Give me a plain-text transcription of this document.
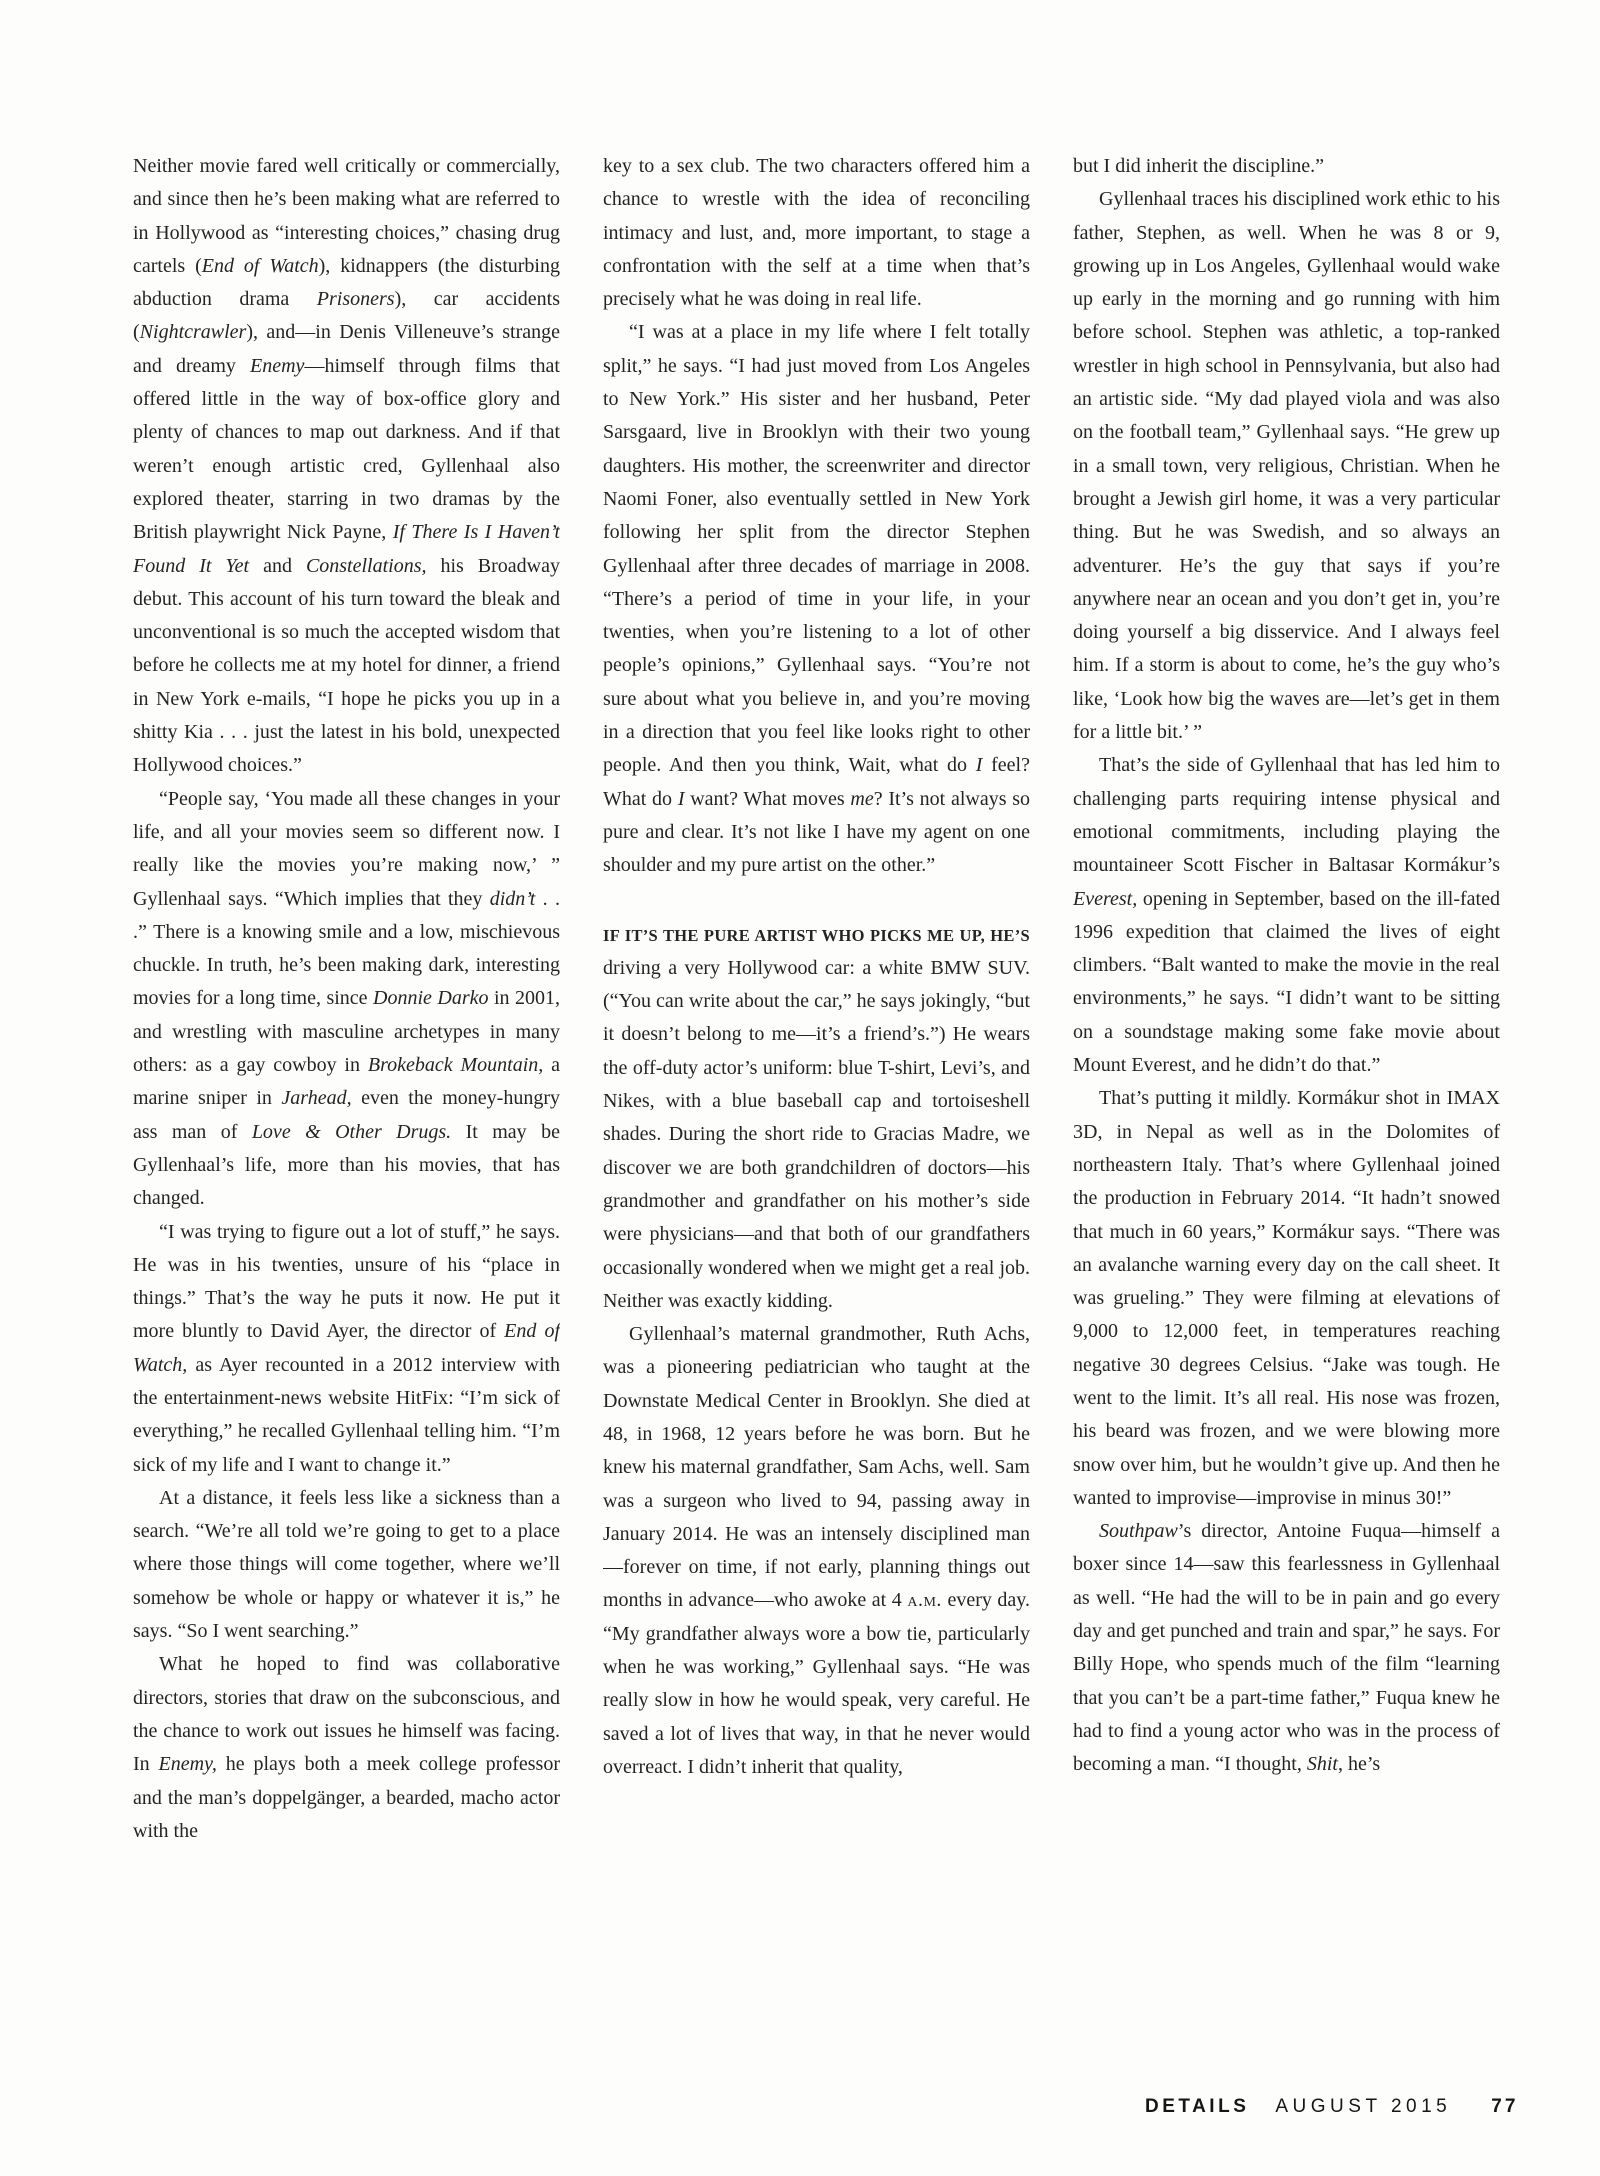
Neither movie fared well critically or commercially, and since then he’s been making what are referred to in Hollywood as “interesting choices,” chasing drug cartels (End of Watch), kidnappers (the disturbing abduction drama Prisoners), car accidents (Nightcrawler), and—in Denis Villeneuve’s strange and dreamy Enemy—himself through films that offered little in the way of box-office glory and plenty of chances to map out darkness. And if that weren’t enough artistic cred, Gyllenhaal also explored theater, starring in two dramas by the British playwright Nick Payne, If There Is I Haven’t Found It Yet and Constellations, his Broadway debut. This account of his turn toward the bleak and unconventional is so much the accepted wisdom that before he collects me at my hotel for dinner, a friend in New York e-mails, “I hope he picks you up in a shitty Kia . . . just the latest in his bold, unexpected Hollywood choices.”

“People say, ‘You made all these changes in your life, and all your movies seem so different now. I really like the movies you’re making now,’ ” Gyllenhaal says. “Which implies that they didn’t . . .” There is a knowing smile and a low, mischievous chuckle. In truth, he’s been making dark, interesting movies for a long time, since Donnie Darko in 2001, and wrestling with masculine archetypes in many others: as a gay cowboy in Brokeback Mountain, a marine sniper in Jarhead, even the money-hungry ass man of Love & Other Drugs. It may be Gyllenhaal’s life, more than his movies, that has changed.

“I was trying to figure out a lot of stuff,” he says. He was in his twenties, unsure of his “place in things.” That’s the way he puts it now. He put it more bluntly to David Ayer, the director of End of Watch, as Ayer recounted in a 2012 interview with the entertainment-news website HitFix: “I’m sick of everything,” he recalled Gyllenhaal telling him. “I’m sick of my life and I want to change it.”

At a distance, it feels less like a sickness than a search. “We’re all told we’re going to get to a place where those things will come together, where we’ll somehow be whole or happy or whatever it is,” he says. “So I went searching.”

What he hoped to find was collaborative directors, stories that draw on the subconscious, and the chance to work out issues he himself was facing. In Enemy, he plays both a meek college professor and the man’s doppelgänger, a bearded, macho actor with the

key to a sex club. The two characters offered him a chance to wrestle with the idea of reconciling intimacy and lust, and, more important, to stage a confrontation with the self at a time when that’s precisely what he was doing in real life.

“I was at a place in my life where I felt totally split,” he says. “I had just moved from Los Angeles to New York.” His sister and her husband, Peter Sarsgaard, live in Brooklyn with their two young daughters. His mother, the screenwriter and director Naomi Foner, also eventually settled in New York following her split from the director Stephen Gyllenhaal after three decades of marriage in 2008. “There’s a period of time in your life, in your twenties, when you’re listening to a lot of other people’s opinions,” Gyllenhaal says. “You’re not sure about what you believe in, and you’re moving in a direction that you feel like looks right to other people. And then you think, Wait, what do I feel? What do I want? What moves me? It’s not always so pure and clear. It’s not like I have my agent on one shoulder and my pure artist on the other.”

IF IT’S THE PURE ARTIST WHO PICKS ME UP, HE’S driving a very Hollywood car: a white BMW SUV. (“You can write about the car,” he says jokingly, “but it doesn’t belong to me—it’s a friend’s.”) He wears the off-duty actor’s uniform: blue T-shirt, Levi’s, and Nikes, with a blue baseball cap and tortoiseshell shades. During the short ride to Gracias Madre, we discover we are both grandchildren of doctors—his grandmother and grandfather on his mother’s side were physicians—and that both of our grandfathers occasionally wondered when we might get a real job. Neither was exactly kidding.

Gyllenhaal’s maternal grandmother, Ruth Achs, was a pioneering pediatrician who taught at the Downstate Medical Center in Brooklyn. She died at 48, in 1968, 12 years before he was born. But he knew his maternal grandfather, Sam Achs, well. Sam was a surgeon who lived to 94, passing away in January 2014. He was an intensely disciplined man—forever on time, if not early, planning things out months in advance—who awoke at 4 a.m. every day. “My grandfather always wore a bow tie, particularly when he was working,” Gyllenhaal says. “He was really slow in how he would speak, very careful. He saved a lot of lives that way, in that he never would overreact. I didn’t inherit that quality,

but I did inherit the discipline.”

Gyllenhaal traces his disciplined work ethic to his father, Stephen, as well. When he was 8 or 9, growing up in Los Angeles, Gyllenhaal would wake up early in the morning and go running with him before school. Stephen was athletic, a top-ranked wrestler in high school in Pennsylvania, but also had an artistic side. “My dad played viola and was also on the football team,” Gyllenhaal says. “He grew up in a small town, very religious, Christian. When he brought a Jewish girl home, it was a very particular thing. But he was Swedish, and so always an adventurer. He’s the guy that says if you’re anywhere near an ocean and you don’t get in, you’re doing yourself a big disservice. And I always feel him. If a storm is about to come, he’s the guy who’s like, ‘Look how big the waves are—let’s get in them for a little bit.’ ”

That’s the side of Gyllenhaal that has led him to challenging parts requiring intense physical and emotional commitments, including playing the mountaineer Scott Fischer in Baltasar Kormákur’s Everest, opening in September, based on the ill-fated 1996 expedition that claimed the lives of eight climbers. “Balt wanted to make the movie in the real environments,” he says. “I didn’t want to be sitting on a soundstage making some fake movie about Mount Everest, and he didn’t do that.”

That’s putting it mildly. Kormákur shot in IMAX 3D, in Nepal as well as in the Dolomites of northeastern Italy. That’s where Gyllenhaal joined the production in February 2014. “It hadn’t snowed that much in 60 years,” Kormákur says. “There was an avalanche warning every day on the call sheet. It was grueling.” They were filming at elevations of 9,000 to 12,000 feet, in temperatures reaching negative 30 degrees Celsius. “Jake was tough. He went to the limit. It’s all real. His nose was frozen, his beard was frozen, and we were blowing more snow over him, but he wouldn’t give up. And then he wanted to improvise—improvise in minus 30!”

Southpaw’s director, Antoine Fuqua—himself a boxer since 14—saw this fearlessness in Gyllenhaal as well. “He had the will to be in pain and go every day and get punched and train and spar,” he says. For Billy Hope, who spends much of the film “learning that you can’t be a part-time father,” Fuqua knew he had to find a young actor who was in the process of becoming a man. “I thought, Shit, he’s

DETAILS AUGUST 2015 77
